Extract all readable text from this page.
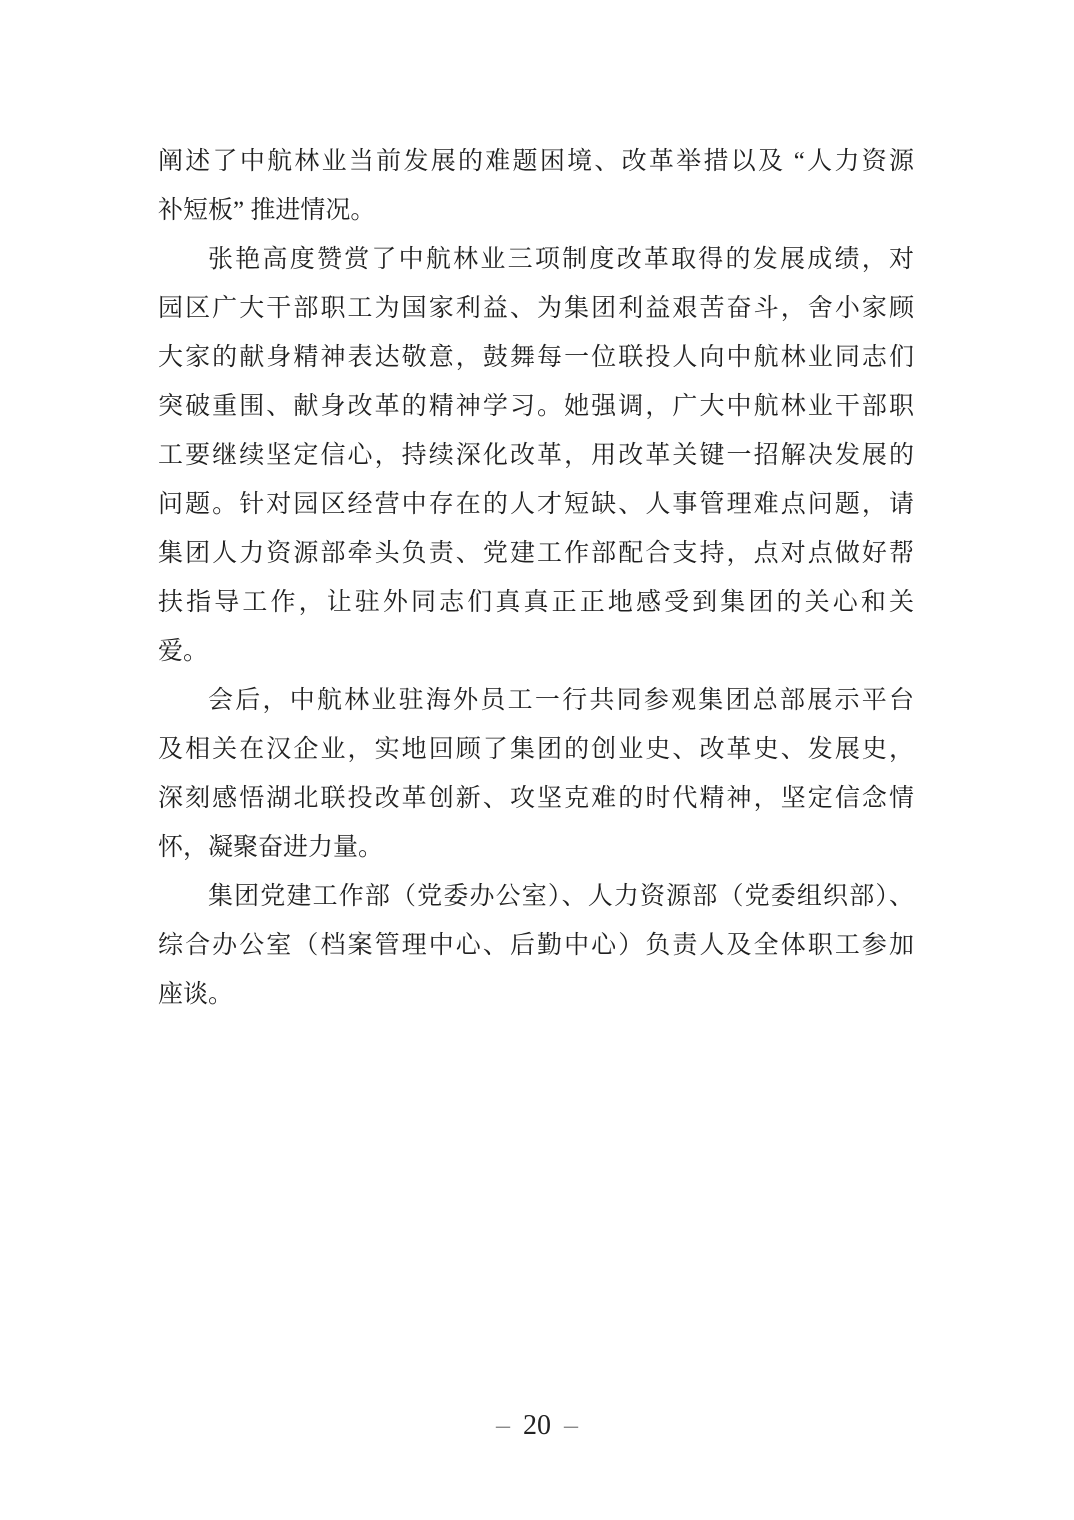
阐述了中航林业当前发展的难题困境、改革举措以及 “人力资源

补短板” 推进情况。

张艳高度赞赏了中航林业三项制度改革取得的发展成绩，对

园区广大干部职工为国家利益、为集团利益艰苦奋斗，舍小家顾

大家的献身精神表达敬意，鼓舞每一位联投人向中航林业同志们

突破重围、献身改革的精神学习。她强调，广大中航林业干部职

工要继续坚定信心，持续深化改革，用改革关键一招解决发展的

问题。针对园区经营中存在的人才短缺、人事管理难点问题，请

集团人力资源部牵头负责、党建工作部配合支持，点对点做好帮

扶指导工作，让驻外同志们真真正正地感受到集团的关心和关

爱。

会后，中航林业驻海外员工一行共同参观集团总部展示平台

及相关在汉企业，实地回顾了集团的创业史、改革史、发展史，

深刻感悟湖北联投改革创新、攻坚克难的时代精神，坚定信念情

怀，凝聚奋进力量。

集团党建工作部（党委办公室）、人力资源部（党委组织部）、

综合办公室（档案管理中心、后勤中心）负责人及全体职工参加

座谈。

– 20 –
